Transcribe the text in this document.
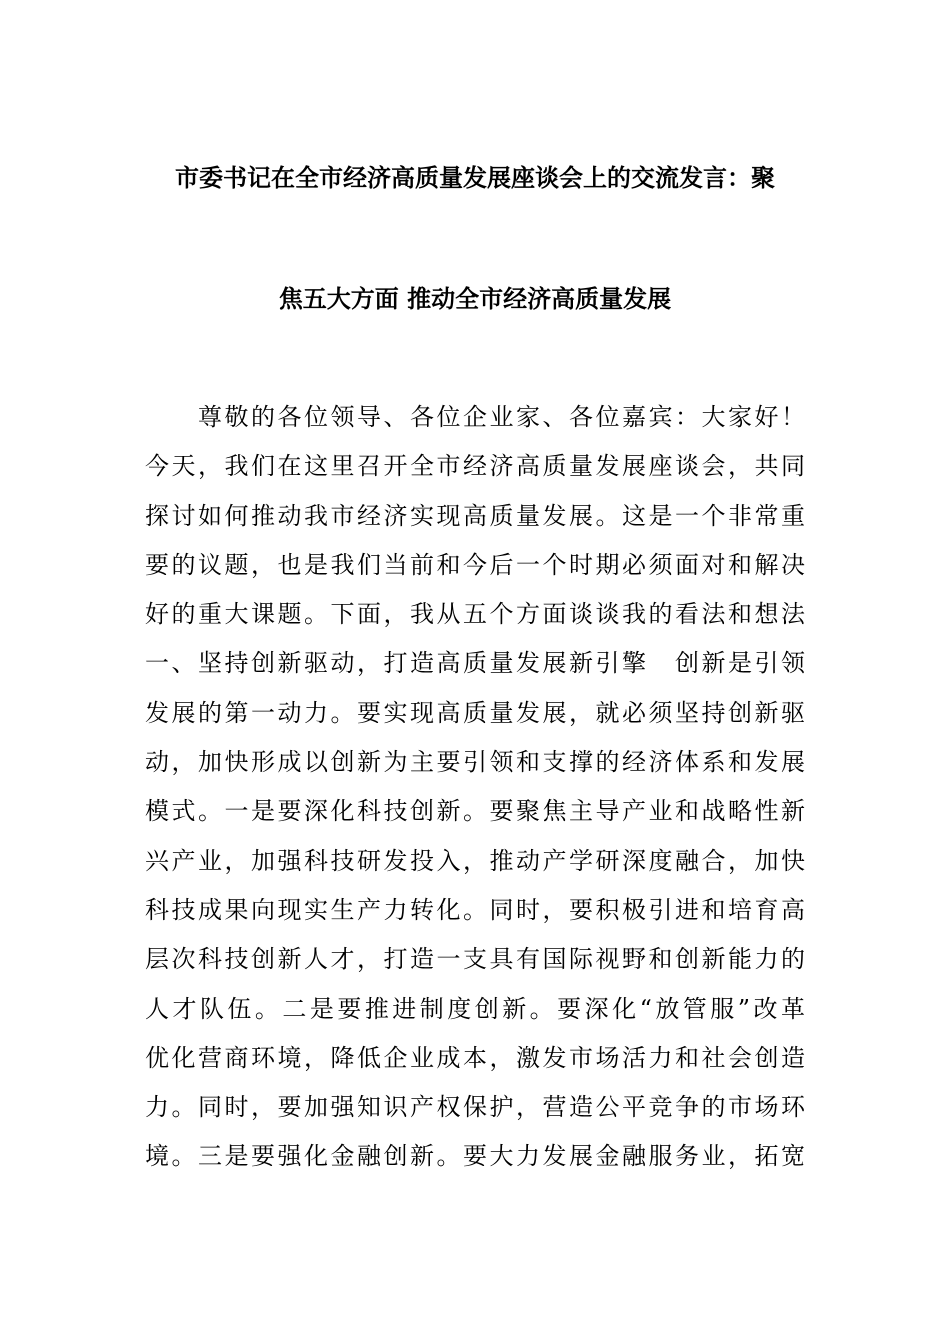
市委书记在全市经济高质量发展座谈会上的交流发言：聚
焦五大方面 推动全市经济高质量发展
　　尊敬的各位领导、各位企业家、各位嘉宾：大家好！
今天，我们在这里召开全市经济高质量发展座谈会，共同
探讨如何推动我市经济实现高质量发展。这是一个非常重
要的议题，也是我们当前和今后一个时期必须面对和解决
好的重大课题。下面，我从五个方面谈谈我的看法和想法
一、坚持创新驱动，打造高质量发展新引擎　创新是引领
发展的第一动力。要实现高质量发展，就必须坚持创新驱
动，加快形成以创新为主要引领和支撑的经济体系和发展
模式。一是要深化科技创新。要聚焦主导产业和战略性新
兴产业，加强科技研发投入，推动产学研深度融合，加快
科技成果向现实生产力转化。同时，要积极引进和培育高
层次科技创新人才，打造一支具有国际视野和创新能力的
人才队伍。二是要推进制度创新。要深化“放管服”改革
优化营商环境，降低企业成本，激发市场活力和社会创造
力。同时，要加强知识产权保护，营造公平竞争的市场环
境。三是要强化金融创新。要大力发展金融服务业，拓宽
